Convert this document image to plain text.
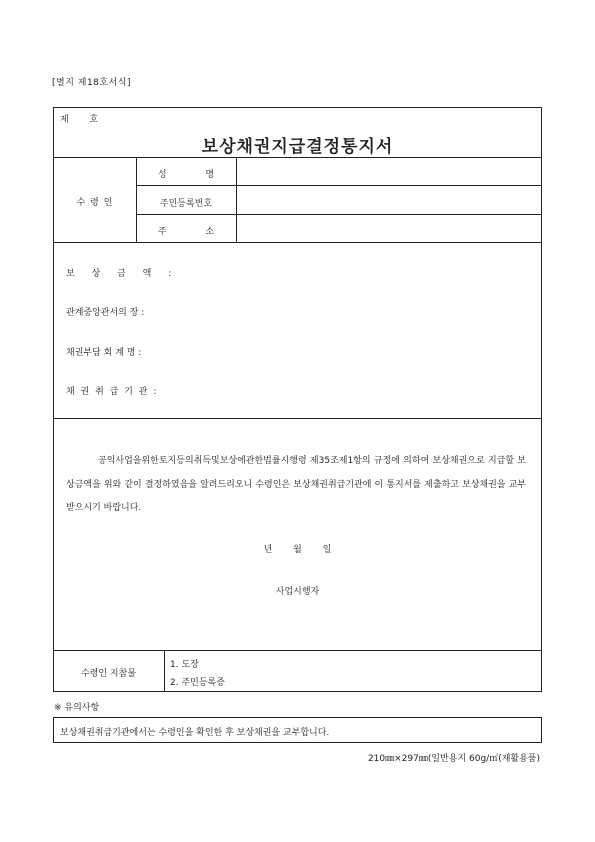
[별지 제18호서식]
제 호
보상채권지급결정통지서
수 령 인
성 명
주민등록번호
주 소
보 상 금 액 :
관계중앙관서의 장 :
채권부담 회 계 명 :
채 권 취 급 기 관 :
공익사업을위한토지등의취득및보상에관한법률시행령 제35조제1항의 규정에 의하여 보상채권으로 지급할 보상금액을 위와 같이 결정하였음을 알려드리오니 수령인은 보상채권취급기관에 이 통지서를 제출하고 보상채권을 교부받으시기 바랍니다.
년 월 일
사업시행자
수령인 지참물
1. 도장
2. 주민등록증
※ 유의사항
보상채권취급기관에서는 수령인을 확인한 후 보상채권을 교부합니다.
210㎜×297㎜(일반용지 60g/㎡(재활용품)
